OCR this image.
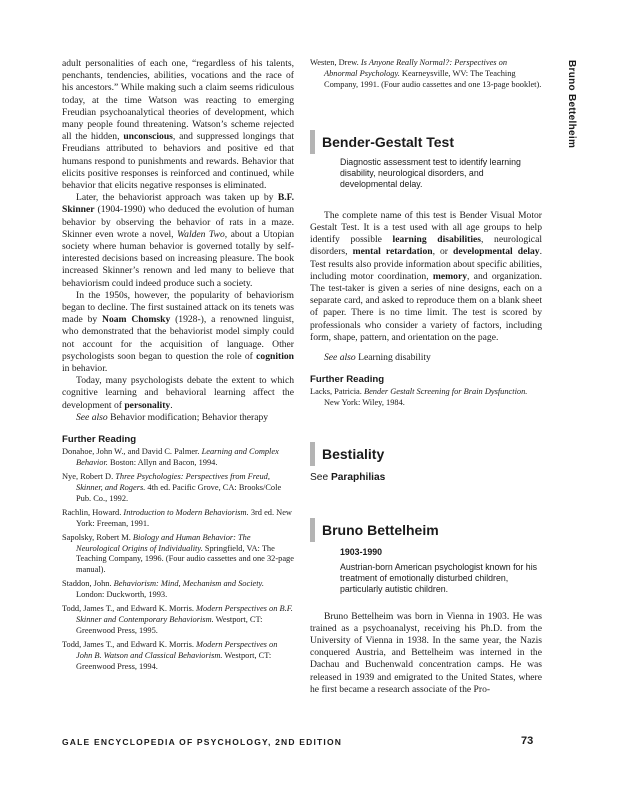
Bruno Bettelheim

adult personalities of each one, “regardless of his talents, penchants, tendencies, abilities, vocations and the race of his ancestors.” While making such a claim seems ridiculous today, at the time Watson was reacting to emerging Freudian psychoanalytical theories of development, which many people found threatening. Watson’s scheme rejected all the hidden, unconscious, and suppressed longings that Freudians attributed to behaviors and positive ed that humans respond to punishments and rewards. Behavior that elicits positive responses is reinforced and continued, while behavior that elicits negative responses is eliminated.

Later, the behaviorist approach was taken up by B.F. Skinner (1904-1990) who deduced the evolution of human behavior by observing the behavior of rats in a maze. Skinner even wrote a novel, Walden Two, about a Utopian society where human behavior is governed totally by self-interested decisions based on increasing pleasure. The book increased Skinner’s renown and led many to believe that behaviorism could indeed produce such a society.

In the 1950s, however, the popularity of behaviorism began to decline. The first sustained attack on its tenets was made by Noam Chomsky (1928-), a renowned linguist, who demonstrated that the behaviorist model simply could not account for the acquisition of language. Other psychologists soon began to question the role of cognition in behavior.

Today, many psychologists debate the extent to which cognitive learning and behavioral learning affect the development of personality.

See also Behavior modification; Behavior therapy

Further Reading

Donahoe, John W., and David C. Palmer. Learning and Complex Behavior. Boston: Allyn and Bacon, 1994.

Nye, Robert D. Three Psychologies: Perspectives from Freud, Skinner, and Rogers. 4th ed. Pacific Grove, CA: Brooks/Cole Pub. Co., 1992.

Rachlin, Howard. Introduction to Modern Behaviorism. 3rd ed. New York: Freeman, 1991.

Sapolsky, Robert M. Biology and Human Behavior: The Neurological Origins of Individuality. Springfield, VA: The Teaching Company, 1996. (Four audio cassettes and one 32-page manual).

Staddon, John. Behaviorism: Mind, Mechanism and Society. London: Duckworth, 1993.

Todd, James T., and Edward K. Morris. Modern Perspectives on B.F. Skinner and Contemporary Behaviorism. Westport, CT: Greenwood Press, 1995.

Todd, James T., and Edward K. Morris. Modern Perspectives on John B. Watson and Classical Behaviorism. Westport, CT: Greenwood Press, 1994.

Westen, Drew. Is Anyone Really Normal?: Perspectives on Abnormal Psychology. Kearneysville, WV: The Teaching Company, 1991. (Four audio cassettes and one 13-page booklet).

Bender-Gestalt Test
Diagnostic assessment test to identify learning disability, neurological disorders, and developmental delay.

The complete name of this test is Bender Visual Motor Gestalt Test. It is a test used with all age groups to help identify possible learning disabilities, neurological disorders, mental retardation, or developmental delay. Test results also provide information about specific abilities, including motor coordination, memory, and organization. The test-taker is given a series of nine designs, each on a separate card, and asked to reproduce them on a blank sheet of paper. There is no time limit. The test is scored by professionals who consider a variety of factors, including form, shape, pattern, and orientation on the page.

See also Learning disability

Further Reading

Lacks, Patricia. Bender Gestalt Screening for Brain Dysfunction. New York: Wiley, 1984.

Bestiality
See Paraphilias
Bruno Bettelheim
1903-1990
Austrian-born American psychologist known for his treatment of emotionally disturbed children, particularly autistic children.

Bruno Bettelheim was born in Vienna in 1903. He was trained as a psychoanalyst, receiving his Ph.D. from the University of Vienna in 1938. In the same year, the Nazis conquered Austria, and Bettelheim was interned in the Dachau and Buchenwald concentration camps. He was released in 1939 and emigrated to the United States, where he first became a research associate of the Pro-

GALE ENCYCLOPEDIA OF PSYCHOLOGY, 2ND EDITION	73
